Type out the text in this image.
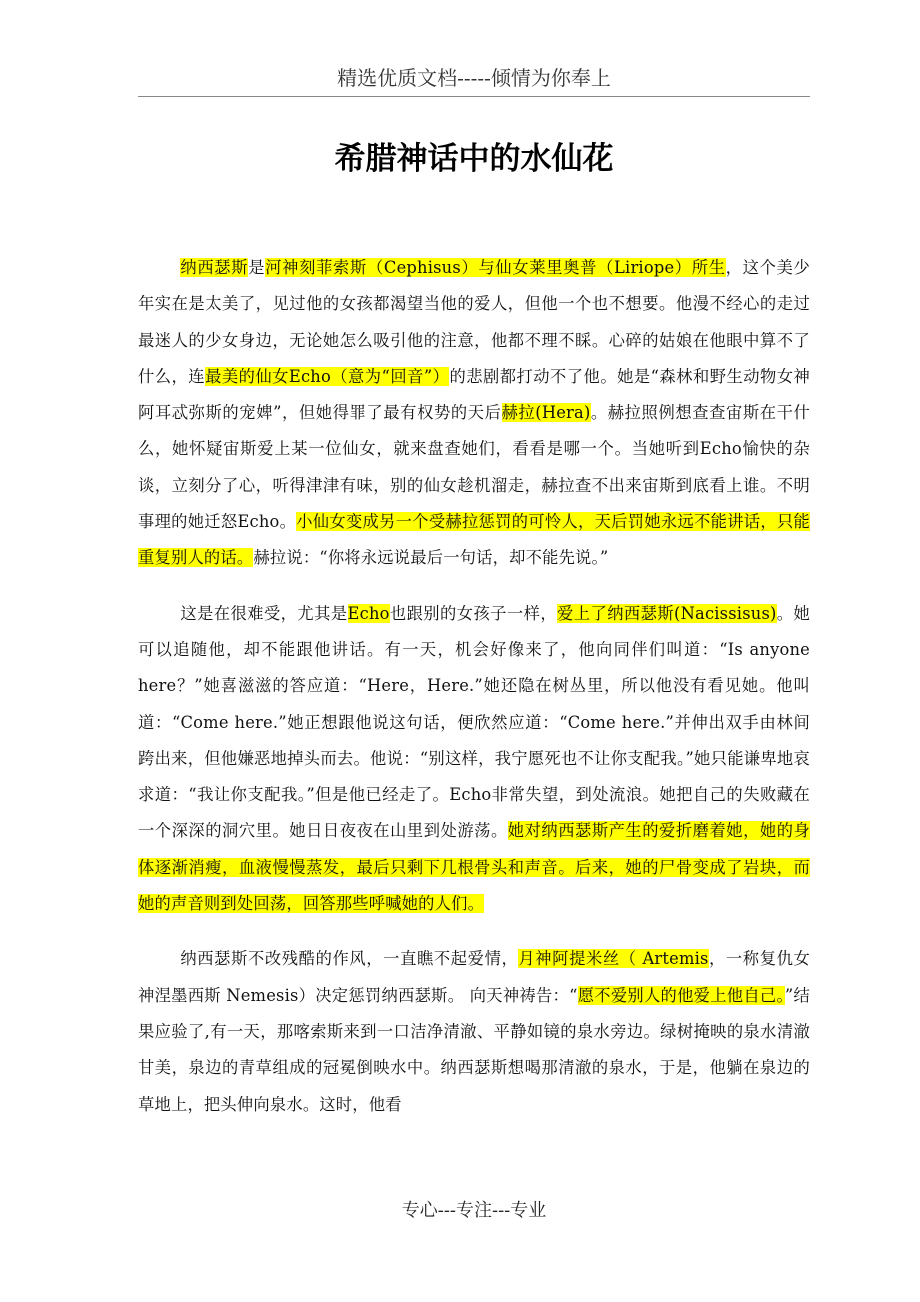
精选优质文档-----倾情为你奉上
希腊神话中的水仙花

纳西瑟斯是河神刻菲索斯（Cephisus）与仙女莱里奥普（Liriope）所生，这个美少年实在是太美了，见过他的女孩都渴望当他的爱人，但他一个也不想要。他漫不经心的走过最迷人的少女身边，无论她怎么吸引他的注意，他都不理不睬。心碎的姑娘在他眼中算不了什么，连最美的仙女Echo（意为“回音”）的悲剧都打动不了他。她是“森林和野生动物女神阿耳忒弥斯的宠婢”，但她得罪了最有权势的天后赫拉(Hera)。赫拉照例想查查宙斯在干什么，她怀疑宙斯爱上某一位仙女，就来盘查她们，看看是哪一个。当她听到Echo愉快的杂谈，立刻分了心，听得津津有味，别的仙女趁机溜走，赫拉查不出来宙斯到底看上谁。不明事理的她迁怒Echo。小仙女变成另一个受赫拉惩罚的可怜人，天后罚她永远不能讲话，只能重复别人的话。赫拉说：“你将永远说最后一句话，却不能先说。”

这是在很难受，尤其是Echo也跟别的女孩子一样，爱上了纳西瑟斯(Nacissisus)。她可以追随他，却不能跟他讲话。有一天，机会好像来了，他向同伴们叫道：“Is anyone here？”她喜滋滋的答应道：“Here，Here.”她还隐在树丛里，所以他没有看见她。他叫道：“Come here.”她正想跟他说这句话，便欣然应道：“Come here.”并伸出双手由林间跨出来，但他嫌恶地掉头而去。他说：“别这样，我宁愿死也不让你支配我。”她只能谦卑地哀求道：“我让你支配我。”但是他已经走了。Echo非常失望，到处流浪。她把自己的失败藏在一个深深的洞穴里。她日日夜夜在山里到处游荡。她对纳西瑟斯产生的爱折磨着她，她的身体逐渐消瘦，血液慢慢蒸发，最后只剩下几根骨头和声音。后来，她的尸骨变成了岩块，而她的声音则到处回荡，回答那些呼喊她的人们。

纳西瑟斯不改残酷的作风，一直瞧不起爱情，月神阿提米丝（ Artemis，一称复仇女神涅墨西斯 Nemesis）决定惩罚纳西瑟斯。 向天神祷告：“愿不爱别人的他爱上他自己。”结果应验了,有一天，那喀索斯来到一口洁净清澈、平静如镜的泉水旁边。绿树掩映的泉水清澈甘美，泉边的青草组成的冠冕倒映水中。纳西瑟斯想喝那清澈的泉水，于是，他躺在泉边的草地上，把头伸向泉水。这时，他看

专心---专注---专业
